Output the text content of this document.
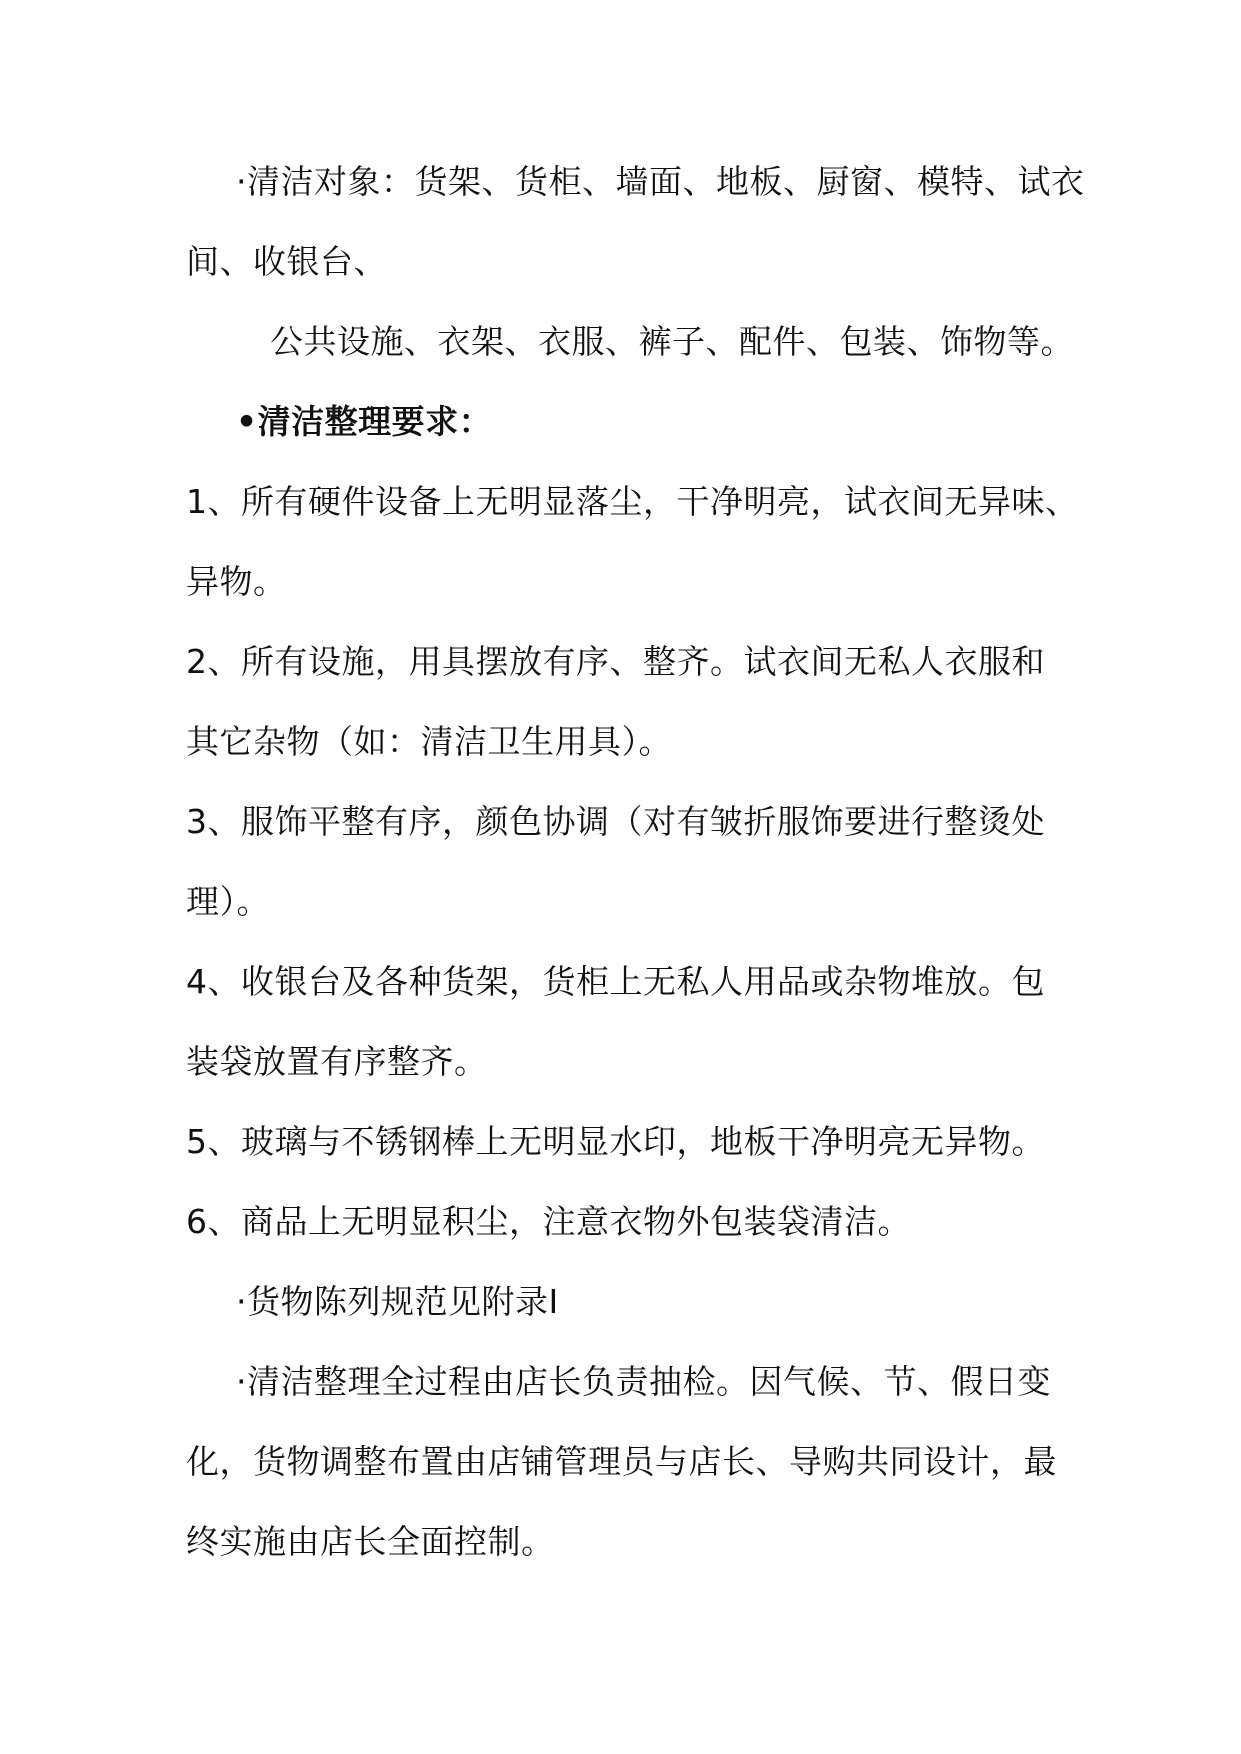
·清洁对象：货架、货柜、墙面、地板、厨窗、模特、试衣
间、收银台、
公共设施、衣架、衣服、裤子、配件、包装、饰物等。
•清洁整理要求：
1、所有硬件设备上无明显落尘，干净明亮，试衣间无异味、
异物。
2、所有设施，用具摆放有序、整齐。试衣间无私人衣服和
其它杂物（如：清洁卫生用具）。
3、服饰平整有序，颜色协调（对有皱折服饰要进行整烫处
理）。
4、收银台及各种货架，货柜上无私人用品或杂物堆放。包
装袋放置有序整齐。
5、玻璃与不锈钢棒上无明显水印，地板干净明亮无异物。
6、商品上无明显积尘，注意衣物外包装袋清洁。
·货物陈列规范见附录Ⅰ
·清洁整理全过程由店长负责抽检。因气候、节、假日变
化，货物调整布置由店铺管理员与店长、导购共同设计，最
终实施由店长全面控制。
